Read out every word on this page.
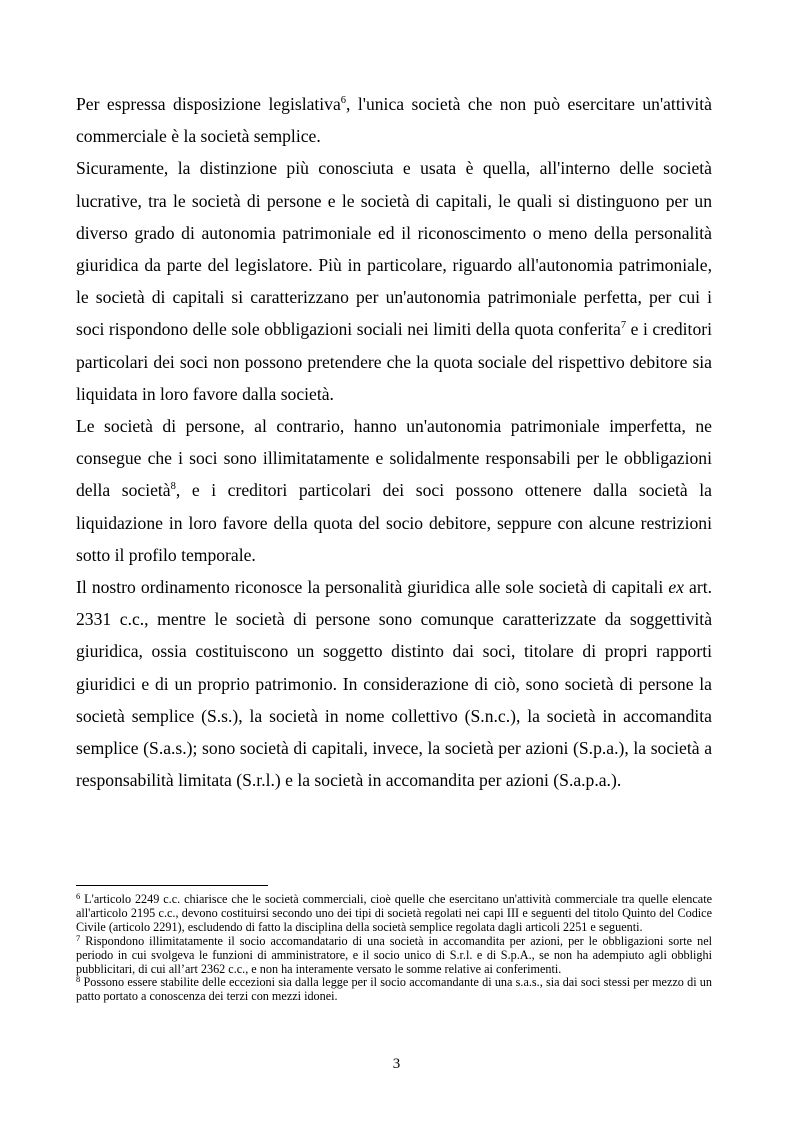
Per espressa disposizione legislativa$^6$, l'unica società che non può esercitare un'attività commerciale è la società semplice.

Sicuramente, la distinzione più conosciuta e usata è quella, all'interno delle società lucrative, tra le società di persone e le società di capitali, le quali si distinguono per un diverso grado di autonomia patrimoniale ed il riconoscimento o meno della personalità giuridica da parte del legislatore. Più in particolare, riguardo all'autonomia patrimoniale, le società di capitali si caratterizzano per un'autonomia patrimoniale perfetta, per cui i soci rispondono delle sole obbligazioni sociali nei limiti della quota conferita$^7$ e i creditori particolari dei soci non possono pretendere che la quota sociale del rispettivo debitore sia liquidata in loro favore dalla società.

Le società di persone, al contrario, hanno un'autonomia patrimoniale imperfetta, ne consegue che i soci sono illimitatamente e solidalmente responsabili per le obbligazioni della società$^8$, e i creditori particolari dei soci possono ottenere dalla società la liquidazione in loro favore della quota del socio debitore, seppure con alcune restrizioni sotto il profilo temporale.

Il nostro ordinamento riconosce la personalità giuridica alle sole società di capitali ex art. 2331 c.c., mentre le società di persone sono comunque caratterizzate da soggettività giuridica, ossia costituiscono un soggetto distinto dai soci, titolare di propri rapporti giuridici e di un proprio patrimonio. In considerazione di ciò, sono società di persone la società semplice (S.s.), la società in nome collettivo (S.n.c.), la società in accomandita semplice (S.a.s.); sono società di capitali, invece, la società per azioni (S.p.a.), la società a responsabilità limitata (S.r.l.) e la società in accomandita per azioni (S.a.p.a.).

$^6$ L'articolo 2249 c.c. chiarisce che le società commerciali, cioè quelle che esercitano un'attività commerciale tra quelle elencate all'articolo 2195 c.c., devono costituirsi secondo uno dei tipi di società regolati nei capi III e seguenti del titolo Quinto del Codice Civile (articolo 2291), escludendo di fatto la disciplina della società semplice regolata dagli articoli 2251 e seguenti.

$^7$ Rispondono illimitatamente il socio accomandatario di una società in accomandita per azioni, per le obbligazioni sorte nel periodo in cui svolgeva le funzioni di amministratore, e il socio unico di S.r.l. e di S.p.A., se non ha adempiuto agli obblighi pubblicitari, di cui all’art 2362 c.c., e non ha interamente versato le somme relative ai conferimenti.

$^8$ Possono essere stabilite delle eccezioni sia dalla legge per il socio accomandante di una s.a.s., sia dai soci stessi per mezzo di un patto portato a conoscenza dei terzi con mezzi idonei.

3
